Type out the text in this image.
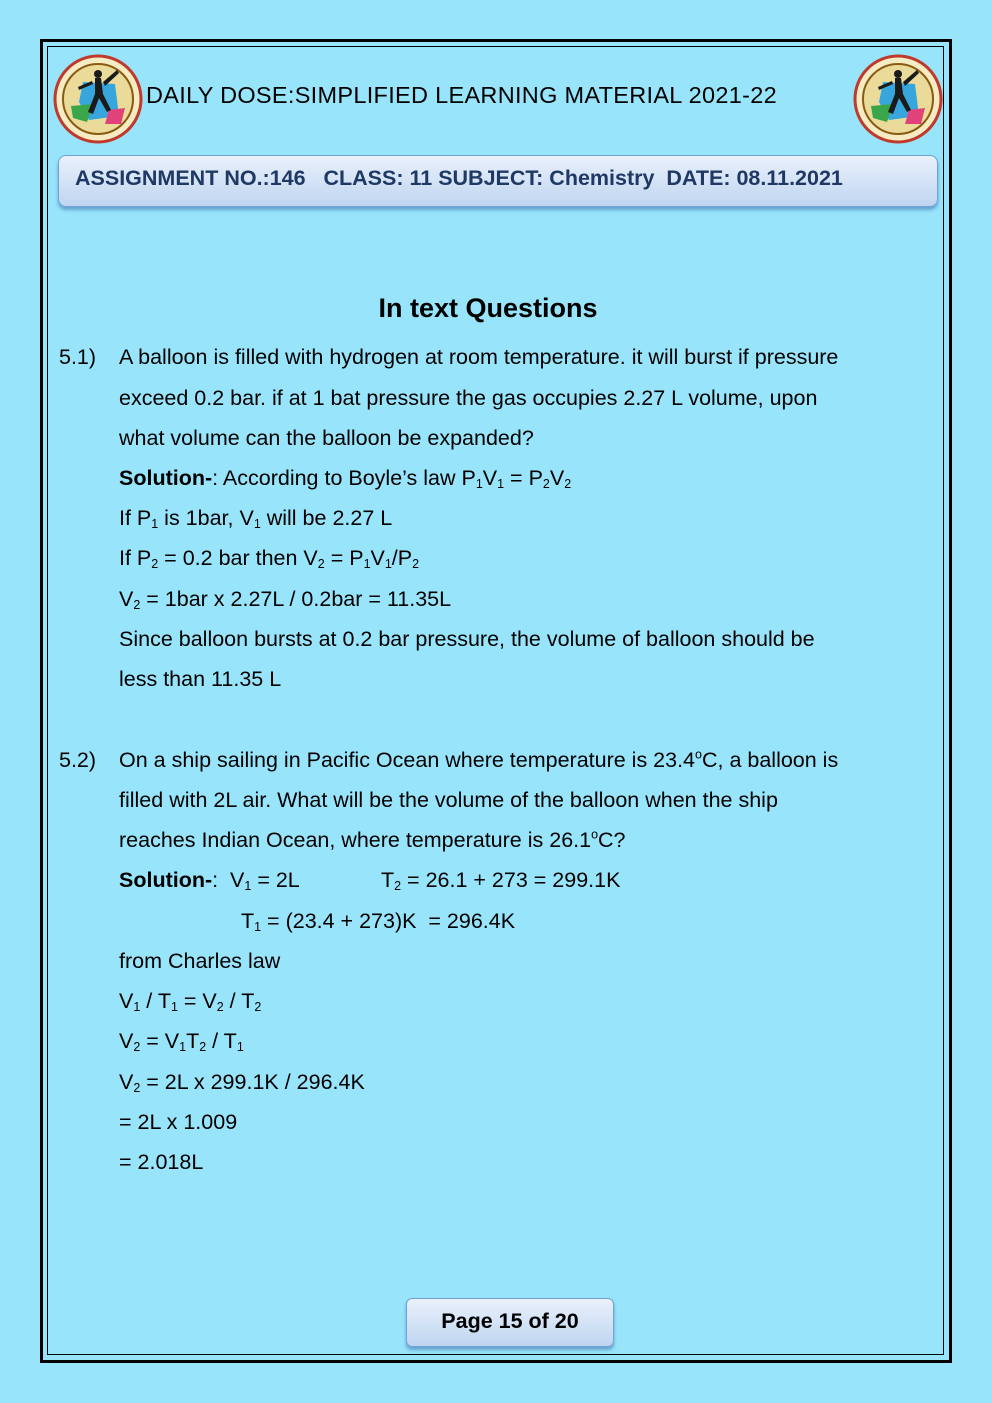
DAILY DOSE:SIMPLIFIED LEARNING MATERIAL 2021-22
ASSIGNMENT NO.:146   CLASS: 11 SUBJECT: Chemistry  DATE: 08.11.2021
In text Questions
5.1) A balloon is filled with hydrogen at room temperature. it will burst if pressure
exceed 0.2 bar. if at 1 bat pressure the gas occupies 2.27 L volume, upon
what volume can the balloon be expanded?
Solution-: According to Boyle’s law $P_1V_1 = P_2V_2$
If $P_1$ is 1bar, $V_1$ will be 2.27 L
If $P_2 = 0.2$ bar then $V_2 = P_1V_1/P_2$
$V_2 = 1bar$ x 2.27L / 0.2bar = 11.35L
Since balloon bursts at 0.2 bar pressure, the volume of balloon should be
less than 11.35 L
5.2) On a ship sailing in Pacific Ocean where temperature is 23.4$^o$C, a balloon is
filled with 2L air. What will be the volume of the balloon when the ship
reaches Indian Ocean, where temperature is 26.1$^o$C?
Solution-:  $V_1 = 2L$	$T_2 = 26.1 + 273 = 299.1K$
$T_1 = (23.4 + 273)K = 296.4K$
from Charles law
$V_1 / T_1 = V_2 / T_2$
$V_2 = V_1T_2 / T_1$
$V_2 = 2L$ x 299.1K / 296.4K
= 2L x 1.009
= 2.018L
Page 15 of 20
